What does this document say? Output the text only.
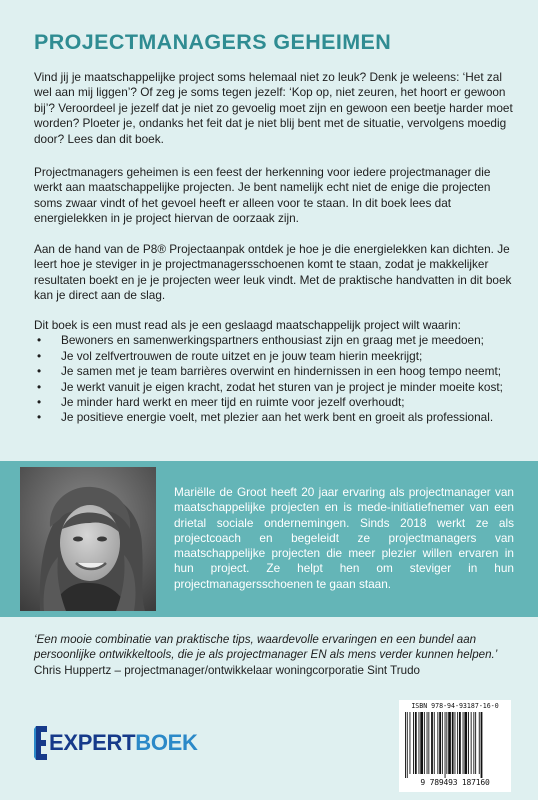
PROJECTMANAGERS GEHEIMEN

Vind jij je maatschappelijke project soms helemaal niet zo leuk? Denk je weleens: ‘Het zal wel aan mij liggen’? Of zeg je soms tegen jezelf: ‘Kop op, niet zeuren, het hoort er gewoon bij’? Veroordeel je jezelf dat je niet zo gevoelig moet zijn en gewoon een beetje harder moet worden? Ploeter je, ondanks het feit dat je niet blij bent met de situatie, vervolgens moedig door? Lees dan dit boek.

Projectmanagers geheimen is een feest der herkenning voor iedere projectmanager die werkt aan maatschappelijke projecten. Je bent namelijk echt niet de enige die projecten soms zwaar vindt of het gevoel heeft er alleen voor te staan. In dit boek lees dat energielekken in je project hiervan de oorzaak zijn.

Aan de hand van de P8® Projectaanpak ontdek je hoe je die energielekken kan dichten. Je leert hoe je steviger in je projectmanagersschoenen komt te staan, zodat je makkelijker resultaten boekt en je je projecten weer leuk vindt. Met de praktische handvatten in dit boek kan je direct aan de slag.

Dit boek is een must read als je een geslaagd maatschappelijk project wilt waarin:

• Bewoners en samenwerkingspartners enthousiast zijn en graag met je meedoen;
• Je vol zelfvertrouwen de route uitzet en je jouw team hierin meekrijgt;
• Je samen met je team barrières overwint en hindernissen in een hoog tempo neemt;
• Je werkt vanuit je eigen kracht, zodat het sturen van je project je minder moeite kost;
• Je minder hard werkt en meer tijd en ruimte voor jezelf overhoudt;
• Je positieve energie voelt, met plezier aan het werk bent en groeit als professional.
Mariëlle de Groot heeft 20 jaar ervaring als projectmanager van maatschappelijke projecten en is mede-initiatiefnemer van een drietal sociale ondernemingen. Sinds 2018 werkt ze als projectcoach en begeleidt ze projectmanagers van maatschappelijke projecten die meer plezier willen ervaren in hun project. Ze helpt hen om steviger in hun projectmanagersschoenen te gaan staan.
‘Een mooie combinatie van praktische tips, waardevolle ervaringen en een bundel aan persoonlijke ontwikkeltools, die je als projectmanager EN als mens verder kunnen helpen.’
Chris Huppertz – projectmanager/ontwikkelaar woningcorporatie Sint Trudo
EXPERTBOEK
ISBN 978-94-93187-16-0
9 789493 187160
